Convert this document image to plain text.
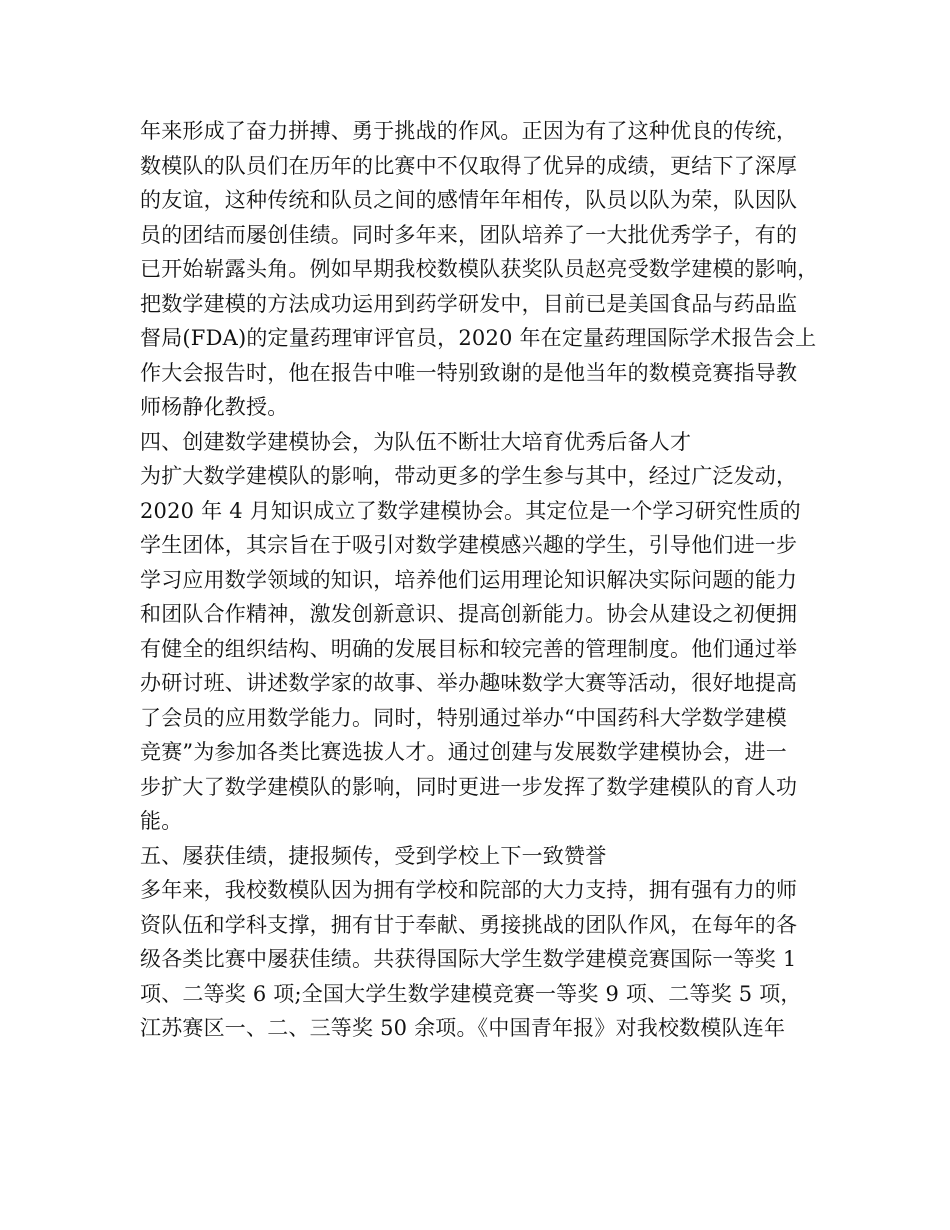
年来形成了奋力拼搏、勇于挑战的作风。正因为有了这种优良的传统，
数模队的队员们在历年的比赛中不仅取得了优异的成绩，更结下了深厚
的友谊，这种传统和队员之间的感情年年相传，队员以队为荣，队因队
员的团结而屡创佳绩。同时多年来，团队培养了一大批优秀学子，有的
已开始崭露头角。例如早期我校数模队获奖队员赵亮受数学建模的影响，
把数学建模的方法成功运用到药学研发中，目前已是美国食品与药品监
督局(FDA)的定量药理审评官员，2020 年在定量药理国际学术报告会上
作大会报告时，他在报告中唯一特别致谢的是他当年的数模竞赛指导教
师杨静化教授。
四、创建数学建模协会，为队伍不断壮大培育优秀后备人才
为扩大数学建模队的影响，带动更多的学生参与其中，经过广泛发动，
2020 年 4 月知识成立了数学建模协会。其定位是一个学习研究性质的
学生团体，其宗旨在于吸引对数学建模感兴趣的学生，引导他们进一步
学习应用数学领域的知识，培养他们运用理论知识解决实际问题的能力
和团队合作精神，激发创新意识、提高创新能力。协会从建设之初便拥
有健全的组织结构、明确的发展目标和较完善的管理制度。他们通过举
办研讨班、讲述数学家的故事、举办趣味数学大赛等活动，很好地提高
了会员的应用数学能力。同时，特别通过举办“中国药科大学数学建模
竞赛”为参加各类比赛选拔人才。通过创建与发展数学建模协会，进一
步扩大了数学建模队的影响，同时更进一步发挥了数学建模队的育人功
能。
五、屡获佳绩，捷报频传，受到学校上下一致赞誉
多年来，我校数模队因为拥有学校和院部的大力支持，拥有强有力的师
资队伍和学科支撑，拥有甘于奉献、勇接挑战的团队作风，在每年的各
级各类比赛中屡获佳绩。共获得国际大学生数学建模竞赛国际一等奖 1
项、二等奖 6 项;全国大学生数学建模竞赛一等奖 9 项、二等奖 5 项，
江苏赛区一、二、三等奖 50 余项。《中国青年报》对我校数模队连年
